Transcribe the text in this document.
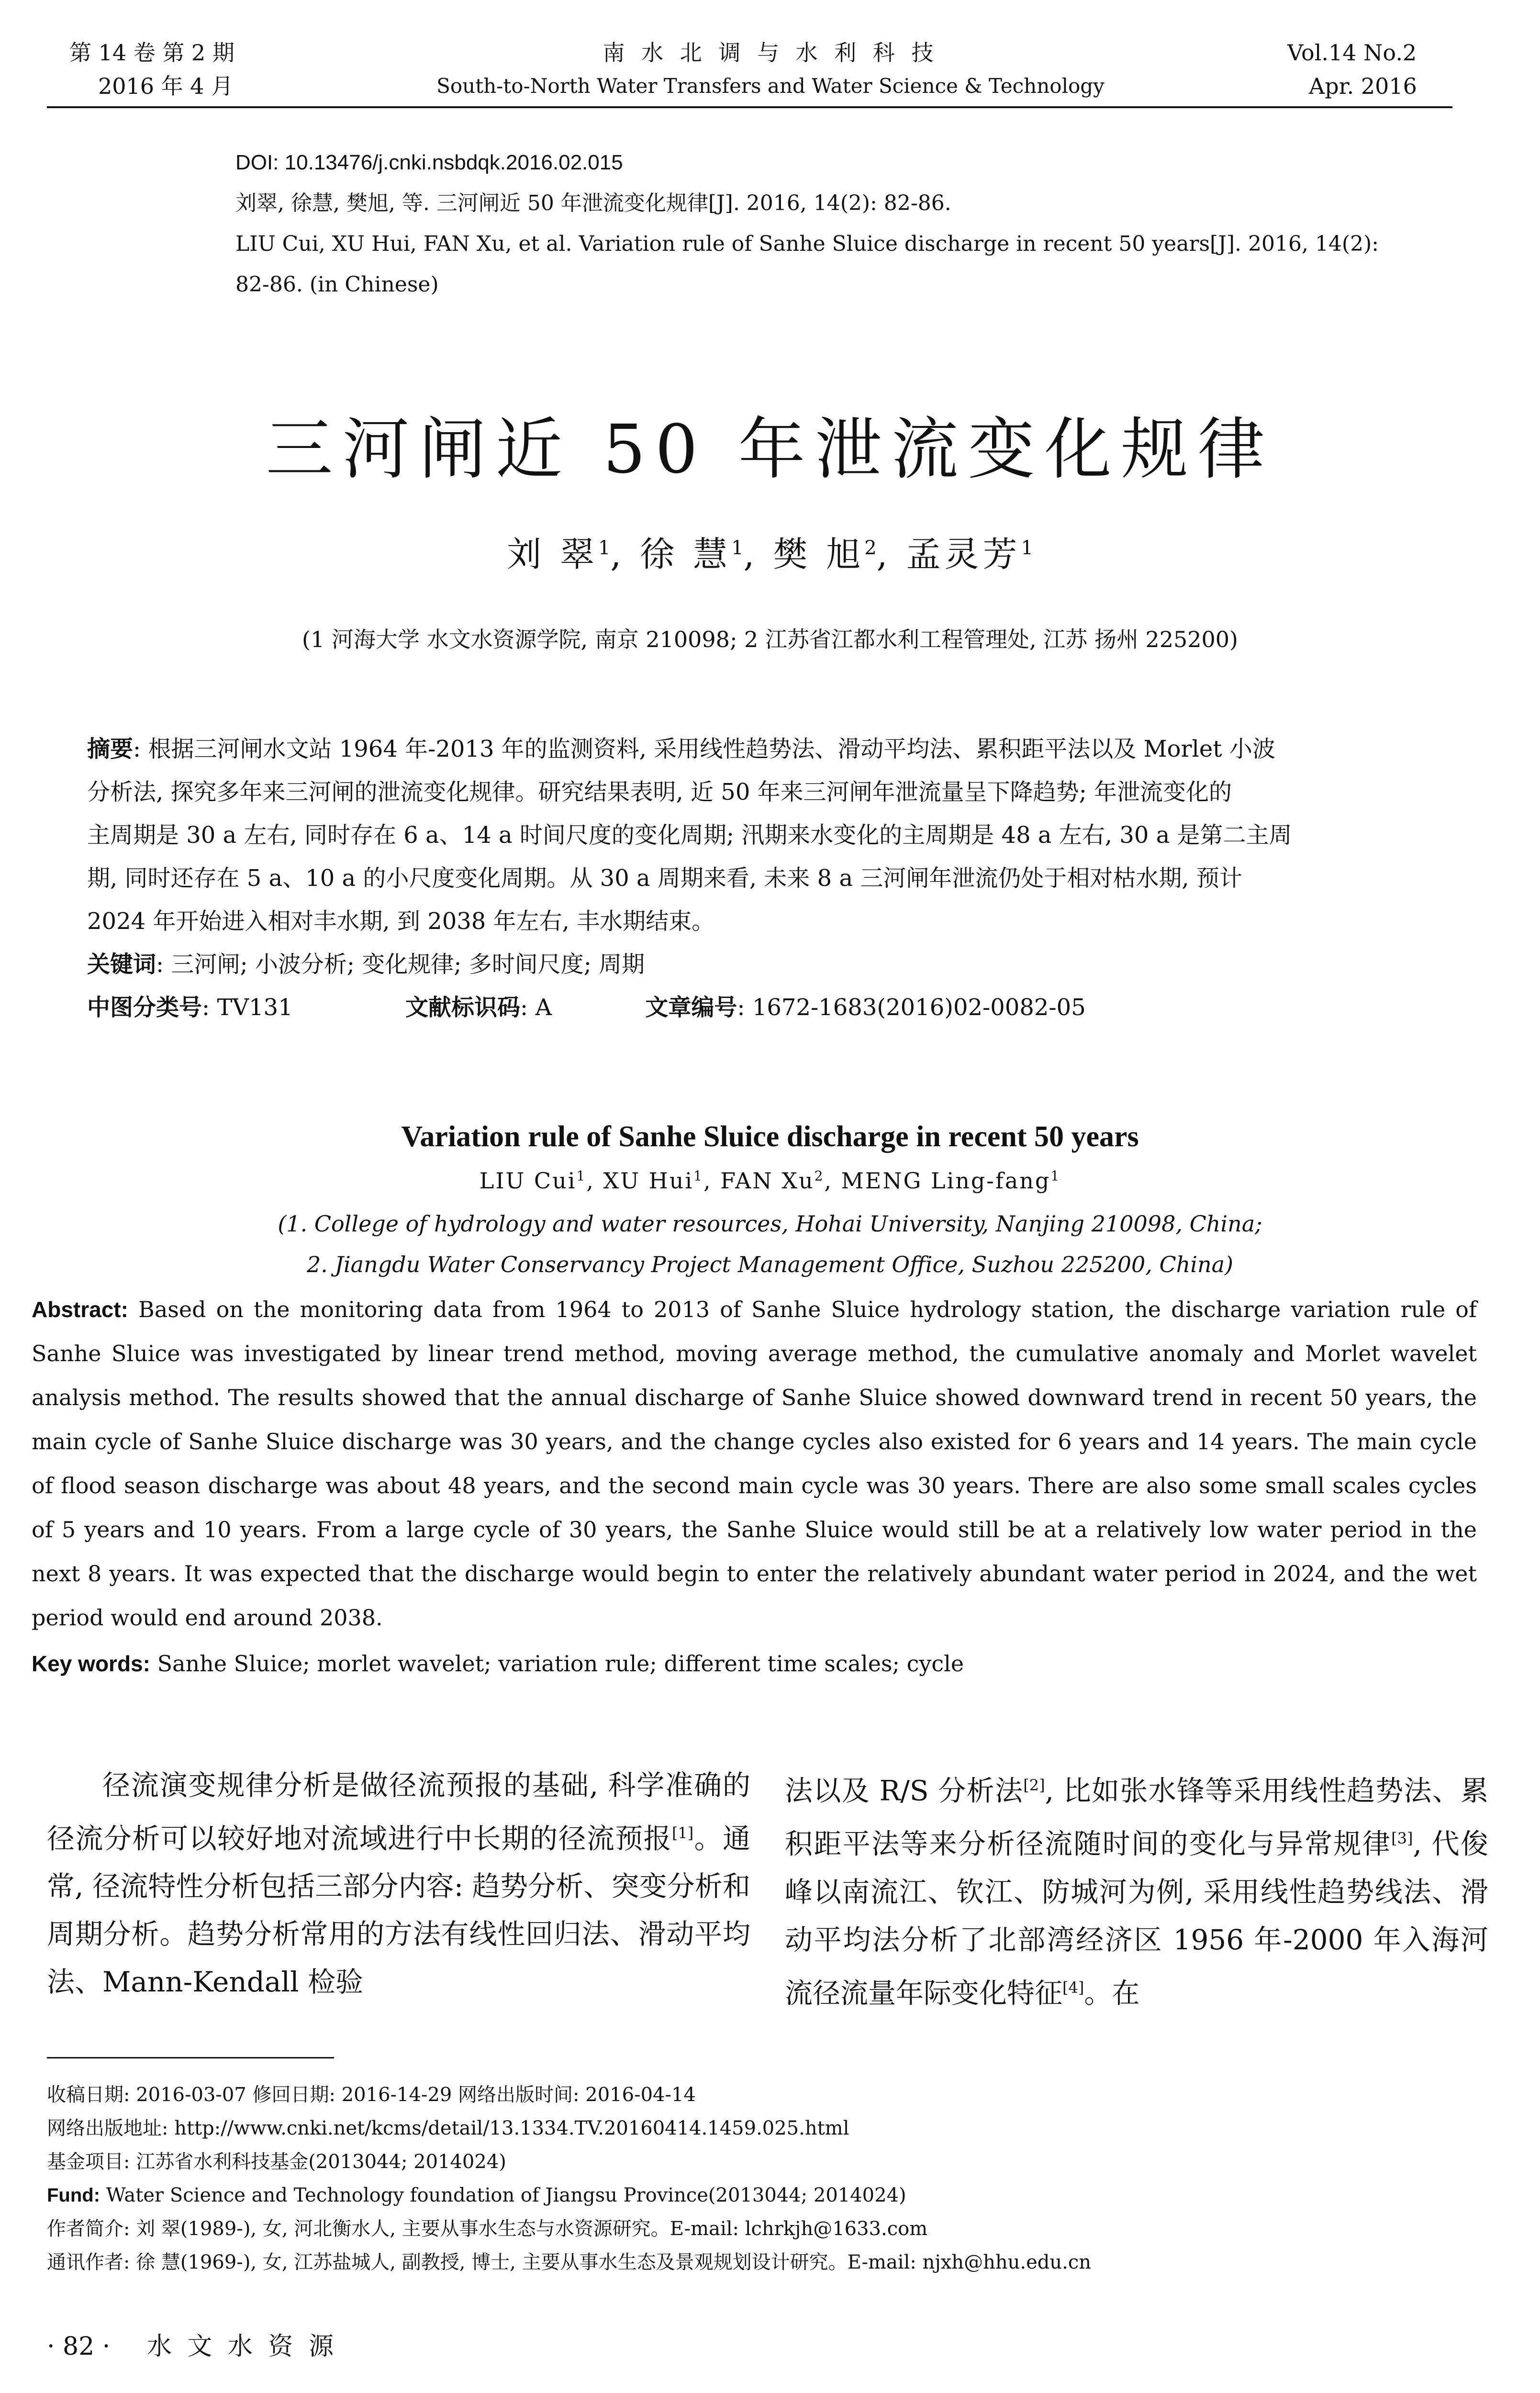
第 14 卷 第 2 期
2016 年 4 月
南 水 北 调 与 水 利 科 技
South-to-North Water Transfers and Water Science & Technology
Vol.14 No.2
Apr. 2016
DOI: 10.13476/j.cnki.nsbdqk.2016.02.015
刘翠, 徐慧, 樊旭, 等. 三河闸近 50 年泄流变化规律[J]. 2016, 14(2): 82-86.
LIU Cui, XU Hui, FAN Xu, et al. Variation rule of Sanhe Sluice discharge in recent 50 years[J]. 2016, 14(2):
82-86. (in Chinese)
三河闸近 50 年泄流变化规律
刘 翠$^1$, 徐 慧$^1$, 樊 旭$^2$, 孟灵芳$^1$
(1 河海大学 水文水资源学院, 南京 210098; 2 江苏省江都水利工程管理处, 江苏 扬州 225200)
摘要: 根据三河闸水文站 1964 年-2013 年的监测资料, 采用线性趋势法、滑动平均法、累积距平法以及 Morlet 小波
分析法, 探究多年来三河闸的泄流变化规律。研究结果表明, 近 50 年来三河闸年泄流量呈下降趋势; 年泄流变化的
主周期是 30 a 左右, 同时存在 6 a、14 a 时间尺度的变化周期; 汛期来水变化的主周期是 48 a 左右, 30 a 是第二主周
期, 同时还存在 5 a、10 a 的小尺度变化周期。从 30 a 周期来看, 未来 8 a 三河闸年泄流仍处于相对枯水期, 预计
2024 年开始进入相对丰水期, 到 2038 年左右, 丰水期结束。
关键词: 三河闸; 小波分析; 变化规律; 多时间尺度; 周期
中图分类号: TV131	文献标识码: A	文章编号: 1672-1683(2016)02-0082-05
Variation rule of Sanhe Sluice discharge in recent 50 years
LIU Cui$^1$, XU Hui$^1$, FAN Xu$^2$, MENG Ling-fang$^1$
(1. College of hydrology and water resources, Hohai University, Nanjing 210098, China;
2. Jiangdu Water Conservancy Project Management Office, Suzhou 225200, China)
Abstract: Based on the monitoring data from 1964 to 2013 of Sanhe Sluice hydrology station, the discharge variation rule of Sanhe Sluice was investigated by linear trend method, moving average method, the cumulative anomaly and Morlet wavelet analysis method. The results showed that the annual discharge of Sanhe Sluice showed downward trend in recent 50 years, the main cycle of Sanhe Sluice discharge was 30 years, and the change cycles also existed for 6 years and 14 years. The main cycle of flood season discharge was about 48 years, and the second main cycle was 30 years. There are also some small scales cycles of 5 years and 10 years. From a large cycle of 30 years, the Sanhe Sluice would still be at a relatively low water period in the next 8 years. It was expected that the discharge would begin to enter the relatively abundant water period in 2024, and the wet period would end around 2038.
Key words: Sanhe Sluice; morlet wavelet; variation rule; different time scales; cycle
径流演变规律分析是做径流预报的基础, 科学准确的径流分析可以较好地对流域进行中长期的径流预报[1]。通常, 径流特性分析包括三部分内容: 趋势分析、突变分析和周期分析。趋势分析常用的方法有线性回归法、滑动平均法、Mann-Kendall 检验
法以及 R/S 分析法[2], 比如张水锋等采用线性趋势法、累积距平法等来分析径流随时间的变化与异常规律[3], 代俊峰以南流江、钦江、防城河为例, 采用线性趋势线法、滑动平均法分析了北部湾经济区 1956 年-2000 年入海河流径流量年际变化特征[4]。在
收稿日期: 2016-03-07 修回日期: 2016-14-29 网络出版时间: 2016-04-14
网络出版地址: http://www.cnki.net/kcms/detail/13.1334.TV.20160414.1459.025.html
基金项目: 江苏省水利科技基金(2013044; 2014024)
Fund: Water Science and Technology foundation of Jiangsu Province(2013044; 2014024)
作者简介: 刘 翠(1989-), 女, 河北衡水人, 主要从事水生态与水资源研究。E-mail: lchrkjh@1633.com
通讯作者: 徐 慧(1969-), 女, 江苏盐城人, 副教授, 博士, 主要从事水生态及景观规划设计研究。E-mail: njxh@hhu.edu.cn
· 82 · 水 文 水 资 源
